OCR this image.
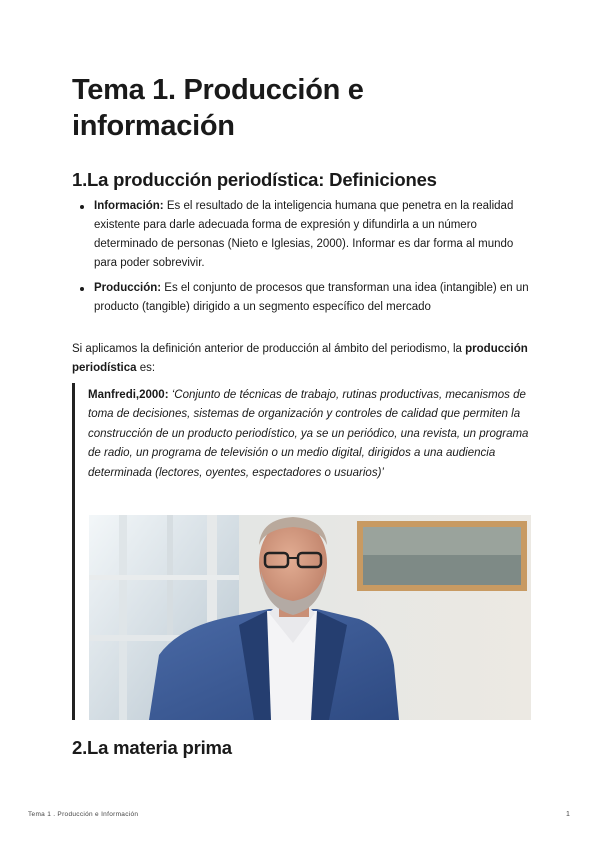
Tema 1. Producción e información
1.La producción periodística: Definiciones
Información: Es el resultado de la inteligencia humana que penetra en la realidad existente para darle adecuada forma de expresión y difundirla a un número determinado de personas (Nieto e Iglesias, 2000). Informar es dar forma al mundo para poder sobrevivir.
Producción: Es el conjunto de procesos que transforman una idea (intangible) en un producto (tangible) dirigido a un segmento específico del mercado

Si aplicamos la definición anterior de producción al ámbito del periodismo, la producción periodística es:

Manfredi,2000: ‘Conjunto de técnicas de trabajo, rutinas productivas, mecanismos de toma de decisiones, sistemas de organización y controles de calidad que permiten la construcción de un producto periodístico, ya se un periódico, una revista, un programa de radio, un programa de televisión o un medio digital, dirigidos a una audiencia determinada (lectores, oyentes, espectadores o usuarios)’

2.La materia prima
Tema 1 . Producción e Información	1
